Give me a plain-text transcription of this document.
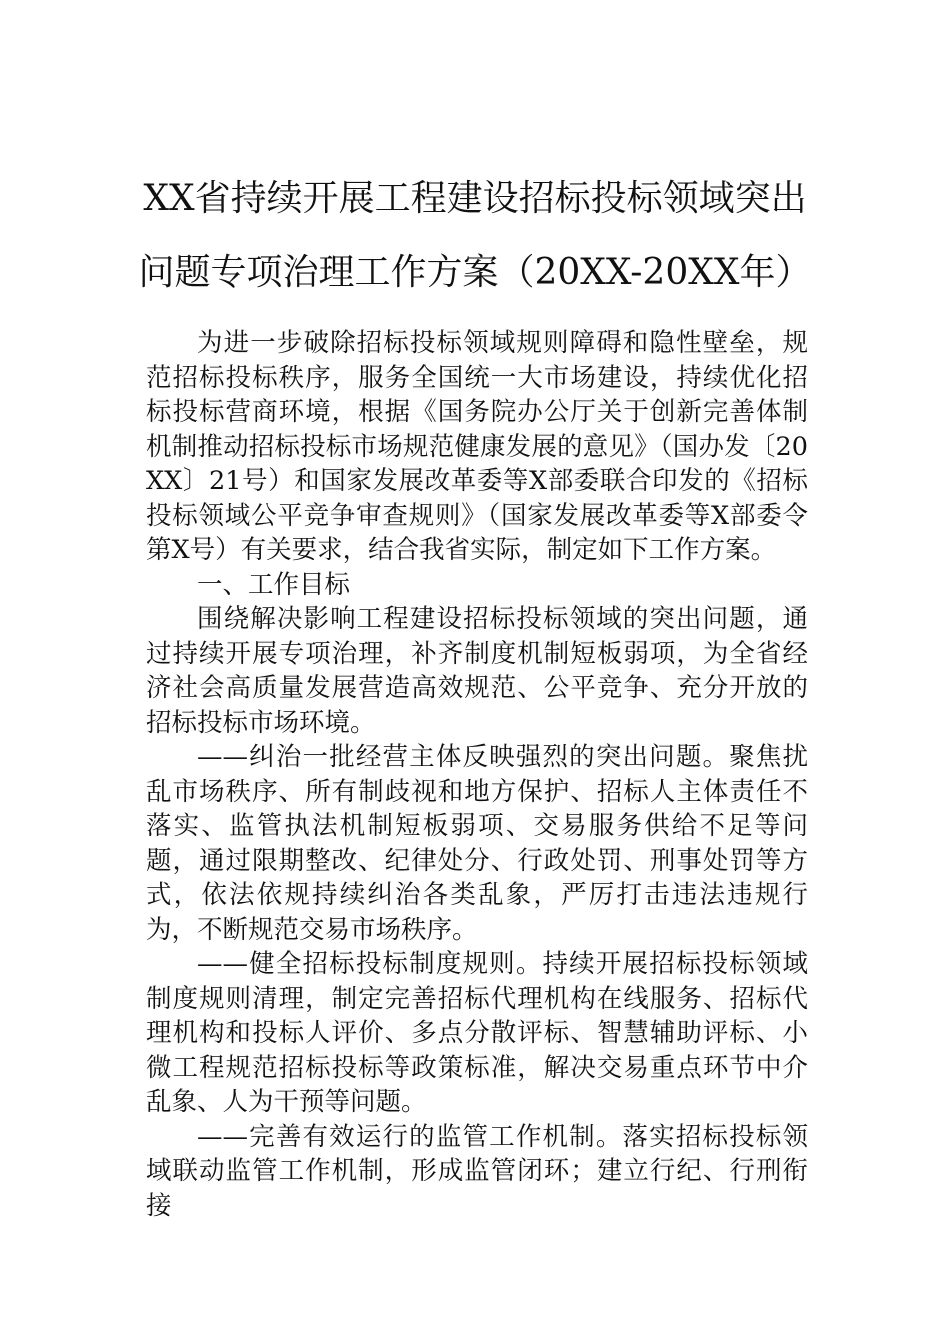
XX省持续开展工程建设招标投标领域突出
问题专项治理工作方案（20XX-20XX年）

为进一步破除招标投标领域规则障碍和隐性壁垒，规范招标投标秩序，服务全国统一大市场建设，持续优化招标投标营商环境，根据《国务院办公厅关于创新完善体制机制推动招标投标市场规范健康发展的意见》（国办发〔20XX〕21号）和国家发展改革委等X部委联合印发的《招标投标领域公平竞争审查规则》（国家发展改革委等X部委令第X号）有关要求，结合我省实际，制定如下工作方案。

一、工作目标

围绕解决影响工程建设招标投标领域的突出问题，通过持续开展专项治理，补齐制度机制短板弱项，为全省经济社会高质量发展营造高效规范、公平竞争、充分开放的招标投标市场环境。

——纠治一批经营主体反映强烈的突出问题。聚焦扰乱市场秩序、所有制歧视和地方保护、招标人主体责任不落实、监管执法机制短板弱项、交易服务供给不足等问题，通过限期整改、纪律处分、行政处罚、刑事处罚等方式，依法依规持续纠治各类乱象，严厉打击违法违规行为，不断规范交易市场秩序。

——健全招标投标制度规则。持续开展招标投标领域制度规则清理，制定完善招标代理机构在线服务、招标代理机构和投标人评价、多点分散评标、智慧辅助评标、小微工程规范招标投标等政策标准，解决交易重点环节中介乱象、人为干预等问题。

——完善有效运行的监管工作机制。落实招标投标领域联动监管工作机制，形成监管闭环；建立行纪、行刑衔接
